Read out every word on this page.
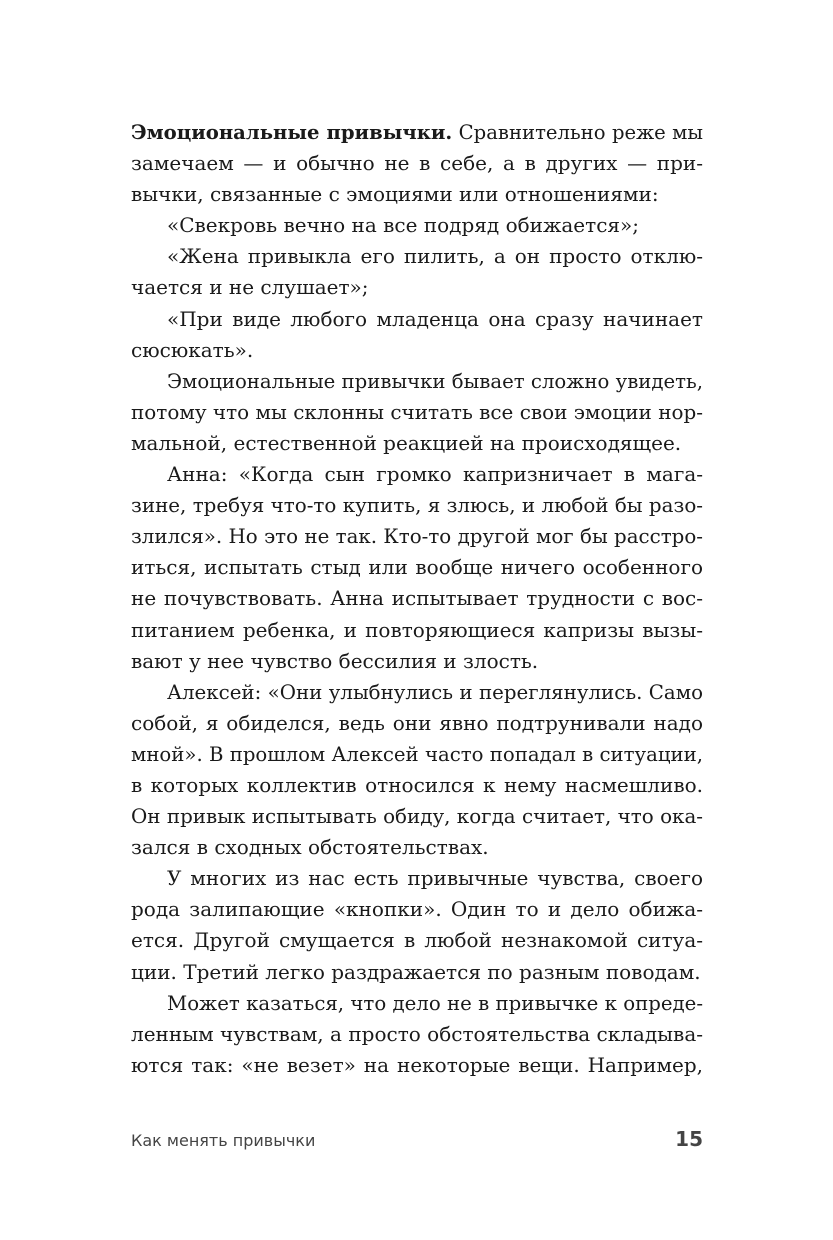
Эмоциональные привычки. Сравнительно реже мы
замечаем — и обычно не в себе, а в других — при-
вычки, связанные с эмоциями или отношениями:
«Свекровь вечно на все подряд обижается»;
«Жена привыкла его пилить, а он просто отклю-
чается и не слушает»;
«При виде любого младенца она сразу начинает
сюсюкать».
Эмоциональные привычки бывает сложно увидеть,
потому что мы склонны считать все свои эмоции нор-
мальной, естественной реакцией на происходящее.
Анна: «Когда сын громко капризничает в мага-
зине, требуя что-то купить, я злюсь, и любой бы разо-
злился». Но это не так. Кто-то другой мог бы расстро-
иться, испытать стыд или вообще ничего особенного
не почувствовать. Анна испытывает трудности с вос-
питанием ребенка, и повторяющиеся капризы вызы-
вают у нее чувство бессилия и злость.
Алексей: «Они улыбнулись и переглянулись. Само
собой, я обиделся, ведь они явно подтрунивали надо
мной». В прошлом Алексей часто попадал в ситуации,
в которых коллектив относился к нему насмешливо.
Он привык испытывать обиду, когда считает, что ока-
зался в сходных обстоятельствах.
У многих из нас есть привычные чувства, своего
рода залипающие «кнопки». Один то и дело обижа-
ется. Другой смущается в любой незнакомой ситуа-
ции. Третий легко раздражается по разным поводам.
Может казаться, что дело не в привычке к опреде-
ленным чувствам, а просто обстоятельства складыва-
ются так: «не везет» на некоторые вещи. Например,
Как менять привычки	15
